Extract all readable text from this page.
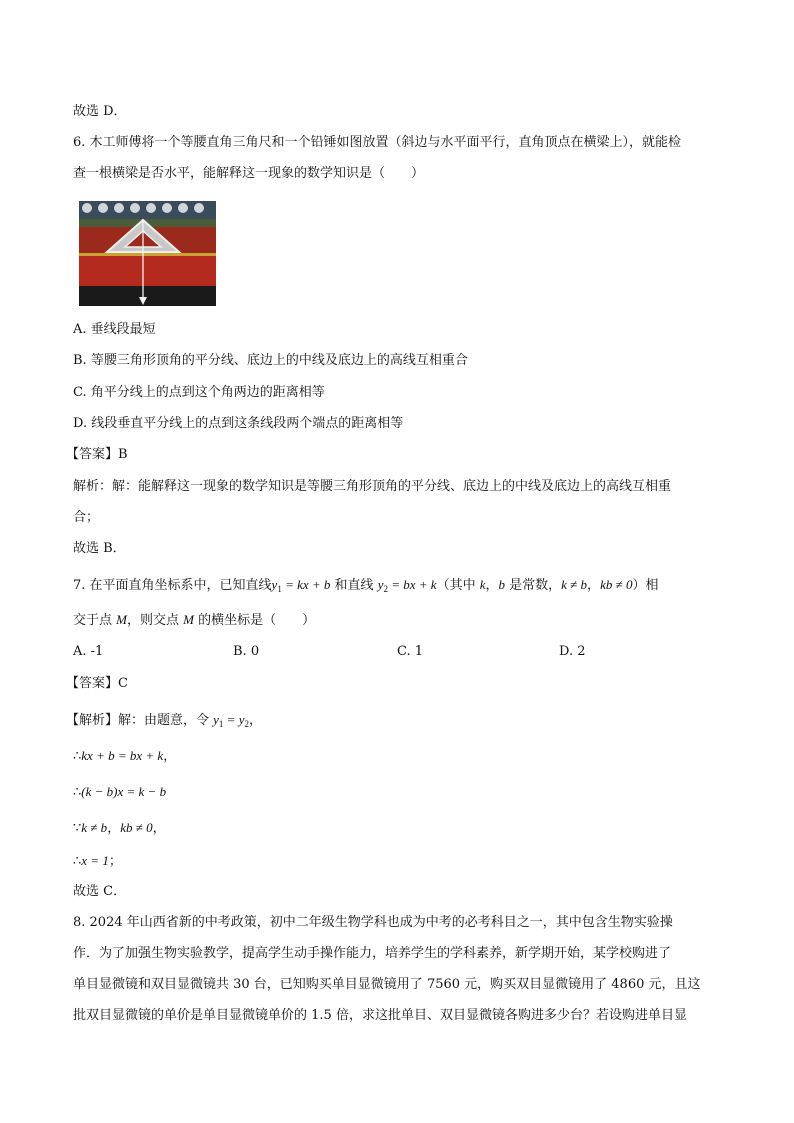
故选 D．
6. 木工师傅将一个等腰直角三角尺和一个铅锤如图放置（斜边与水平面平行，直角顶点在横梁上），就能检
查一根横梁是否水平，能解释这一现象的数学知识是（　　）
A. 垂线段最短
B. 等腰三角形顶角的平分线、底边上的中线及底边上的高线互相重合
C. 角平分线上的点到这个角两边的距离相等
D. 线段垂直平分线上的点到这条线段两个端点的距离相等
【答案】B
解析：解：能解释这一现象的数学知识是等腰三角形顶角的平分线、底边上的中线及底边上的高线互相重
合；
故选 B．
7. 在平面直角坐标系中，已知直线$y_1$ = kx + b 和直线 $y_2$ = bx + k（其中 k，b 是常数，k ≠ b，kb ≠ 0）相
交于点 M，则交点 M 的横坐标是（　　）
A. -1	B. 0	C. 1	D. 2
【答案】C
【解析】解：由题意，令 $y_1 = y_2$，
∴kx + b = bx + k，
∴(k − b)x = k − b
∵k ≠ b，kb ≠ 0，
∴x = 1；
故选 C．
8. 2024 年山西省新的中考政策，初中二年级生物学科也成为中考的必考科目之一，其中包含生物实验操
作．为了加强生物实验教学，提高学生动手操作能力，培养学生的学科素养，新学期开始，某学校购进了
单目显微镜和双目显微镜共 30 台，已知购买单目显微镜用了 7560 元，购买双目显微镜用了 4860 元，且这
批双目显微镜的单价是单目显微镜单价的 1.5 倍，求这批单目、双目显微镜各购进多少台？若设购进单目显
